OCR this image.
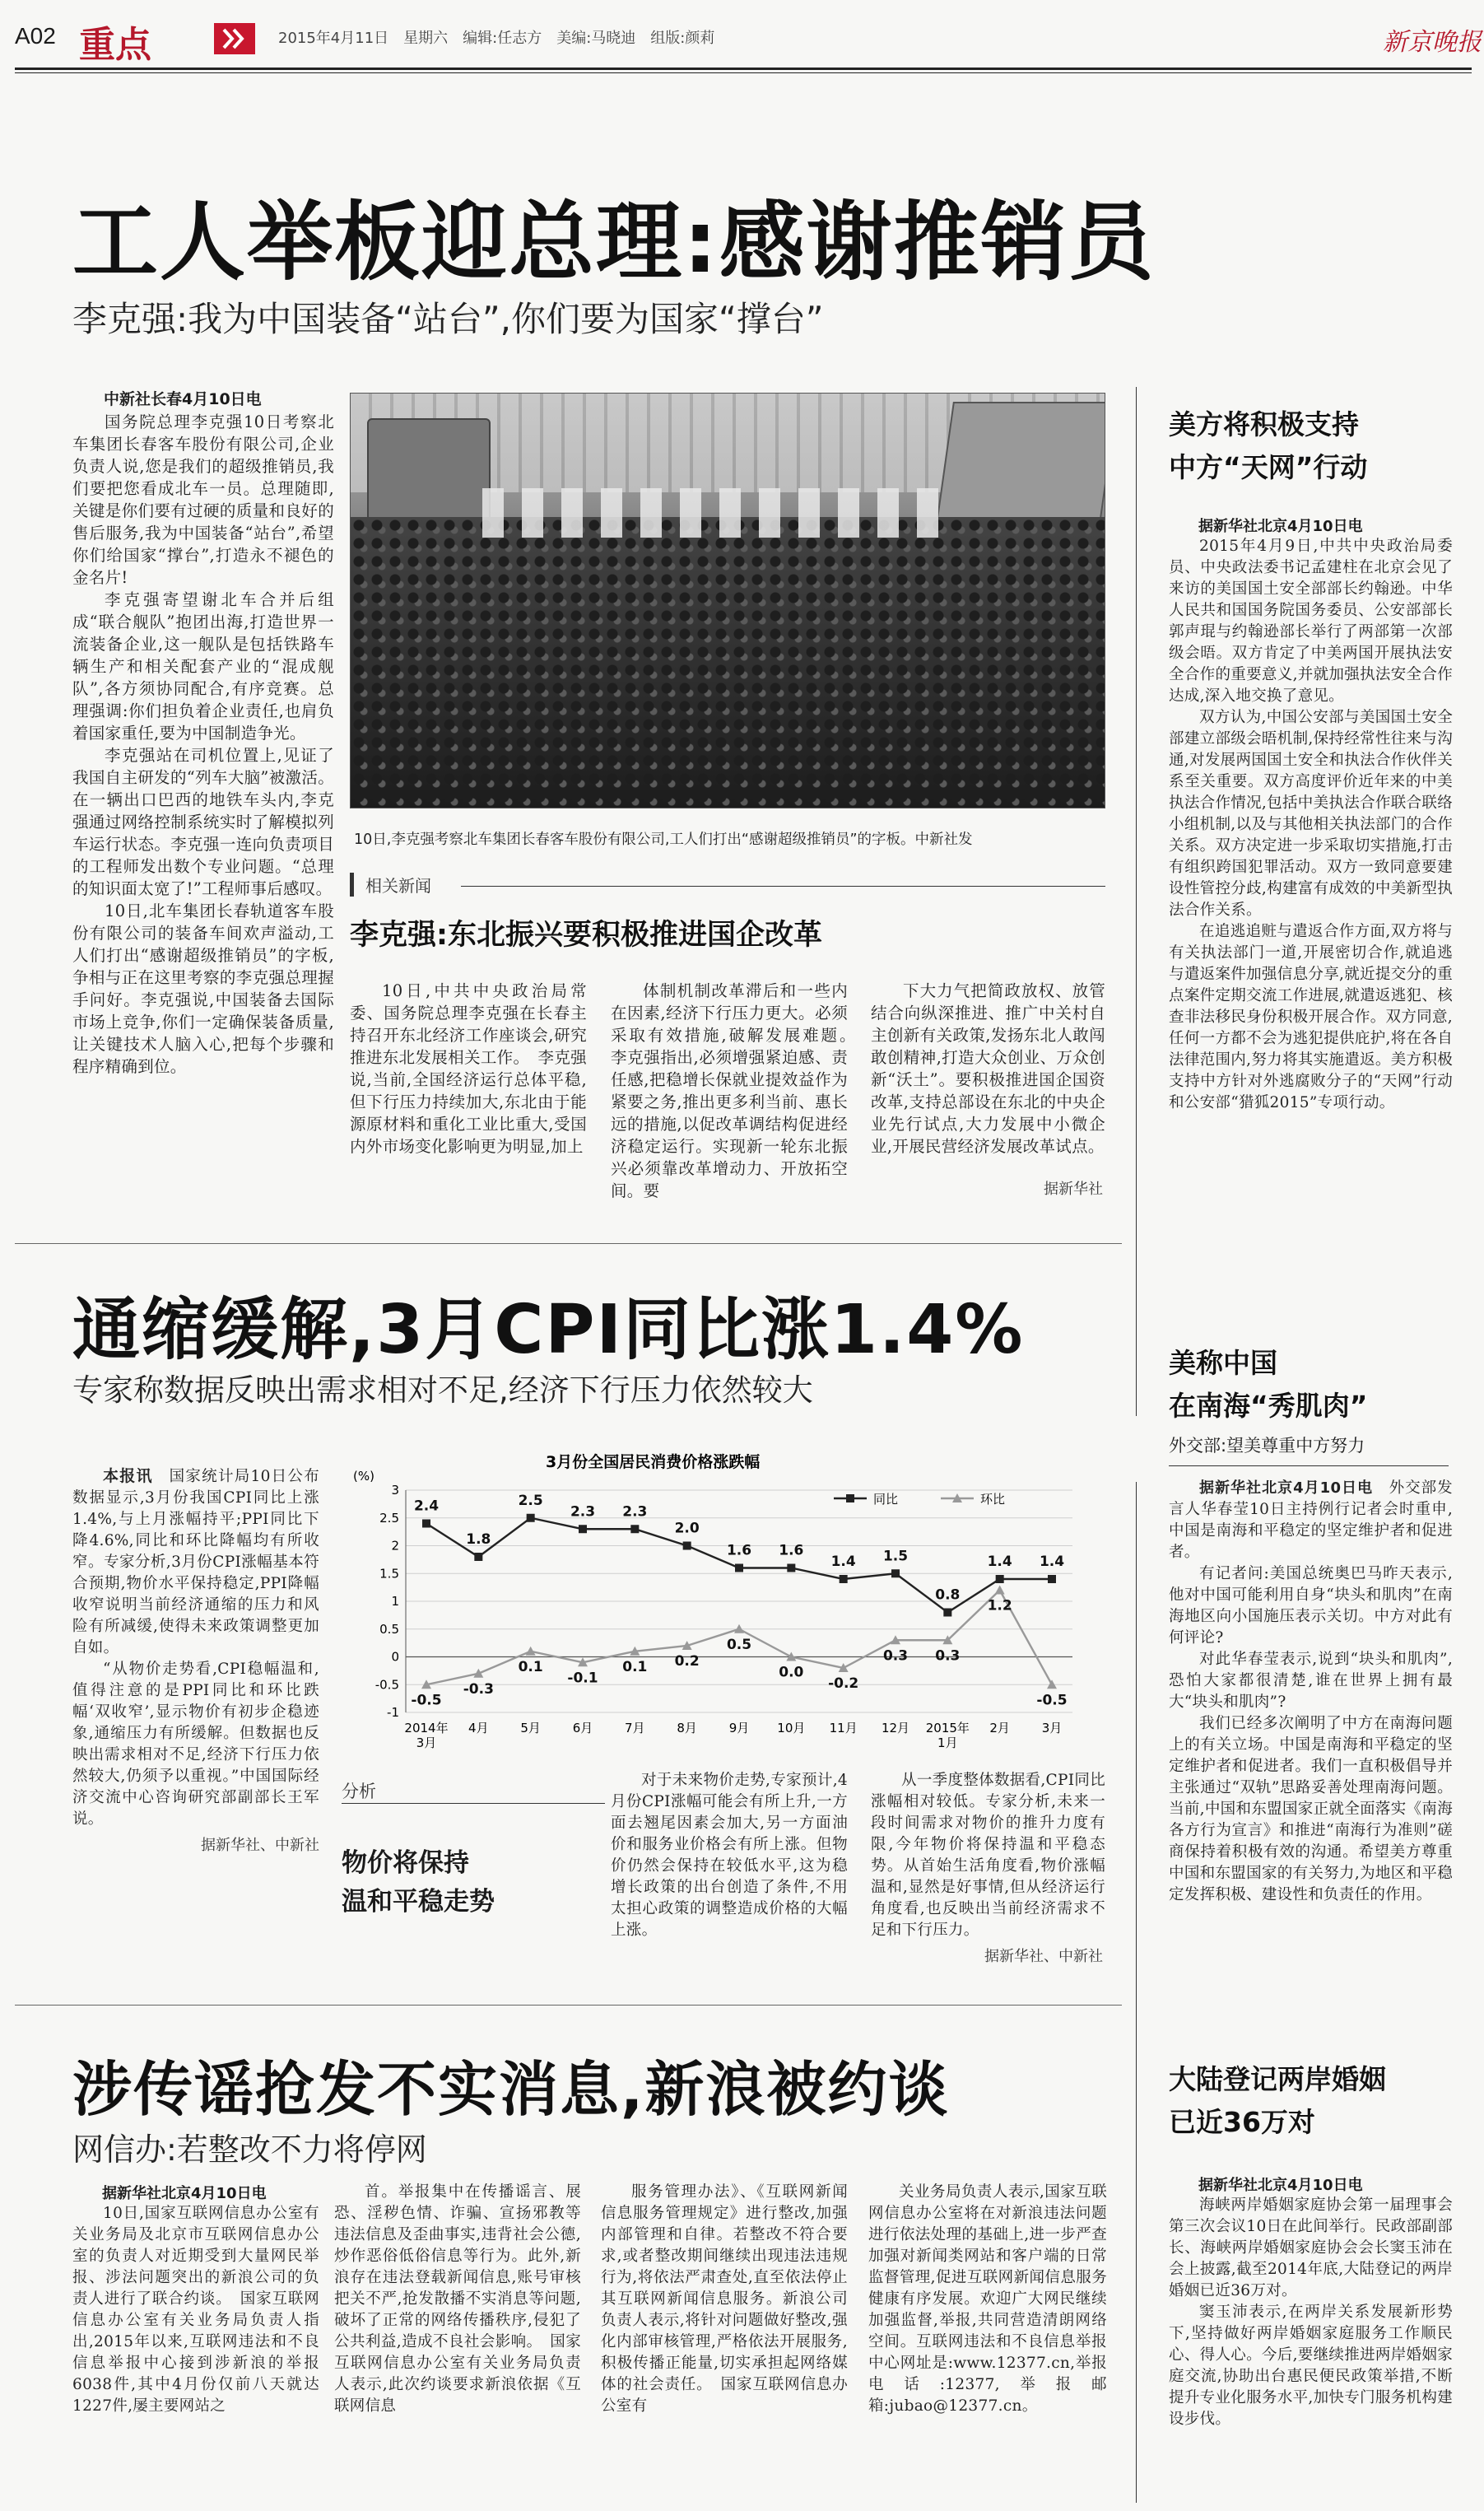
A02 重点	2015年4月11日　星期六　编辑:任志方　美编:马晓迪　组版:颜莉	新京晚报
工人举板迎总理:感谢推销员
李克强:我为中国装备“站台”,你们要为国家“撑台”
中新社长春4月10日电

国务院总理李克强10日考察北车集团长春客车股份有限公司,企业负责人说,您是我们的超级推销员,我们要把您看成北车一员。总理随即,关键是你们要有过硬的质量和良好的售后服务,我为中国装备“站台”,希望你们给国家“撑台”,打造永不褪色的金名片!

李克强寄望谢北车合并后组成“联合舰队”抱团出海,打造世界一流装备企业,这一舰队是包括铁路车辆生产和相关配套产业的“混成舰队”,各方须协同配合,有序竞赛。总理强调:你们担负着企业责任,也肩负着国家重任,要为中国制造争光。

李克强站在司机位置上,见证了我国自主研发的“列车大脑”被激活。在一辆出口巴西的地铁车头内,李克强通过网络控制系统实时了解模拟列车运行状态。李克强一连向负责项目的工程师发出数个专业问题。“总理的知识面太宽了!”工程师事后感叹。

10日,北车集团长春轨道客车股份有限公司的装备车间欢声溢动,工人们打出“感谢超级推销员”的字板,争相与正在这里考察的李克强总理握手问好。李克强说,中国装备去国际市场上竞争,你们一定确保装备质量,让关键技术人脑入心,把每个步骤和程序精确到位。

10日,李克强考察北车集团长春客车股份有限公司,工人们打出“感谢超级推销员”的字板。中新社发
相关新闻
李克强:东北振兴要积极推进国企改革

10日,中共中央政治局常委、国务院总理李克强在长春主持召开东北经济工作座谈会,研究推进东北发展相关工作。　李克强说,当前,全国经济运行总体平稳,但下行压力持续加大,东北由于能源原材料和重化工业比重大,受国内外市场变化影响更为明显,加上

体制机制改革滞后和一些内在因素,经济下行压力更大。必须采取有效措施,破解发展难题。　李克强指出,必须增强紧迫感、责任感,把稳增长保就业提效益作为紧要之务,推出更多利当前、惠长远的措施,以促改革调结构促进经济稳定运行。实现新一轮东北振兴必须靠改革增动力、开放拓空间。要

下大力气把简政放权、放管结合向纵深推进、推广中关村自主创新有关政策,发扬东北人敢闯敢创精神,打造大众创业、万众创新“沃土”。要积极推进国企国资改革,支持总部设在东北的中央企业先行试点,大力发展中小微企业,开展民营经济发展改革试点。

据新华社
美方将积极支持
中方“天网”行动
据新华社北京4月10日电

2015年4月9日,中共中央政治局委员、中央政法委书记孟建柱在北京会见了来访的美国国土安全部部长约翰逊。中华人民共和国国务院国务委员、公安部部长郭声琨与约翰逊部长举行了两部第一次部级会晤。双方肯定了中美两国开展执法安全合作的重要意义,并就加强执法安全合作达成,深入地交换了意见。

双方认为,中国公安部与美国国土安全部建立部级会晤机制,保持经常性往来与沟通,对发展两国国土安全和执法合作伙伴关系至关重要。双方高度评价近年来的中美执法合作情况,包括中美执法合作联合联络小组机制,以及与其他相关执法部门的合作关系。双方决定进一步采取切实措施,打击有组织跨国犯罪活动。双方一致同意要建设性管控分歧,构建富有成效的中美新型执法合作关系。

在追逃追赃与遣返合作方面,双方将与有关执法部门一道,开展密切合作,就追逃与遣返案件加强信息分享,就近提交分的重点案件定期交流工作进展,就遣返逃犯、核查非法移民身份积极开展合作。双方同意,任何一方都不会为逃犯提供庇护,将在各自法律范围内,努力将其实施遣返。美方积极支持中方针对外逃腐败分子的“天网”行动和公安部“猎狐2015”专项行动。

通缩缓解,3月CPI同比涨1.4%
专家称数据反映出需求相对不足,经济下行压力依然较大

本报讯　 国家统计局10日公布数据显示,3月份我国CPI同比上涨1.4%,与上月涨幅持平;PPI同比下降4.6%,同比和环比降幅均有所收窄。专家分析,3月份CPI涨幅基本符合预期,物价水平保持稳定,PPI降幅收窄说明当前经济通缩的压力和风险有所减缓,使得未来政策调整更加自如。

“从物价走势看,CPI稳幅温和,值得注意的是PPI同比和环比跌幅‘双收窄’,显示物价有初步企稳迹象,通缩压力有所缓解。但数据也反映出需求相对不足,经济下行压力依然较大,仍须予以重视。”中国国际经济交流中心咨询研究部副部长王军说。

据新华社、中新社
3月份全国居民消费价格涨跌幅
(%)
3
2.5
2
1.5
1
0.5
0
-0.5
-1
2014年
3月
4月	5月	6月	7月	8月	9月 10月 11月 12月 2015年
1月
2月	3月
2.4
1.8
2.5
2.3 2.3
2.0
1.6 1.6
1.4 1.5
0.8
1.4 1.4
-0.5
-0.3
0.1
-0.1
0.1 0.2
0.5
0.0
-0.2
0.3 0.3
1.2
-0.5
同比	环比
分析
物价将保持
温和平稳走势

对于未来物价走势,专家预计,4月份CPI涨幅可能会有所上升,一方面去翘尾因素会加大,另一方面油价和服务业价格会有所上涨。但物价仍然会保持在较低水平,这为稳增长政策的出台创造了条件,不用太担心政策的调整造成价格的大幅上涨。

从一季度整体数据看,CPI同比涨幅相对较低。专家分析,未来一段时间需求对物价的推升力度有限,今年物价将保持温和平稳态势。从首始生活角度看,物价涨幅温和,显然是好事情,但从经济运行角度看,也反映出当前经济需求不足和下行压力。

据新华社、中新社
美称中国
在南海“秀肌肉”
外交部:望美尊重中方努力

据新华社北京4月10日电　 外交部发言人华春莹10日主持例行记者会时重申,中国是南海和平稳定的坚定维护者和促进者。

有记者问:美国总统奥巴马昨天表示,他对中国可能利用自身“块头和肌肉”在南海地区向小国施压表示关切。中方对此有何评论?

对此华春莹表示,说到“块头和肌肉”,恐怕大家都很清楚,谁在世界上拥有最大“块头和肌肉”?

我们已经多次阐明了中方在南海问题上的有关立场。中国是南海和平稳定的坚定维护者和促进者。我们一直积极倡导并主张通过“双轨”思路妥善处理南海问题。当前,中国和东盟国家正就全面落实《南海各方行为宣言》和推进“南海行为准则”磋商保持着积极有效的沟通。希望美方尊重中国和东盟国家的有关努力,为地区和平稳定发挥积极、建设性和负责任的作用。

涉传谣抢发不实消息,新浪被约谈
网信办:若整改不力将停网
据新华社北京4月10日电

10日,国家互联网信息办公室有关业务局及北京市互联网信息办公室的负责人对近期受到大量网民举报、涉法问题突出的新浪公司的负责人进行了联合约谈。　国家互联网信息办公室有关业务局负责人指出,2015年以来,互联网违法和不良信息举报中心接到涉新浪的举报6038件,其中4月份仅前八天就达1227件,屡主要网站之

首。举报集中在传播谣言、展恐、淫秽色情、诈骗、宣扬邪教等违法信息及歪曲事实,违背社会公德,炒作恶俗低俗信息等行为。此外,新浪存在违法登载新闻信息,账号审核把关不严,抢发散播不实消息等问题,破坏了正常的网络传播秩序,侵犯了公共利益,造成不良社会影响。　国家互联网信息办公室有关业务局负责人表示,此次约谈要求新浪依据《互联网信息

服务管理办法》、《互联网新闻信息服务管理规定》进行整改,加强内部管理和自律。若整改不符合要求,或者整改期间继续出现违法违规行为,将依法严肃查处,直至依法停止其互联网新闻信息服务。新浪公司负责人表示,将针对问题做好整改,强化内部审核管理,严格依法开展服务,积极传播正能量,切实承担起网络媒体的社会责任。　国家互联网信息办公室有

关业务局负责人表示,国家互联网信息办公室将在对新浪违法问题进行依法处理的基础上,进一步严查加强对新闻类网站和客户端的日常监督管理,促进互联网新闻信息服务健康有序发展。欢迎广大网民继续加强监督,举报,共同营造清朗网络空间。互联网违法和不良信息举报中心网址是:www.12377.cn,举报电话:12377,举报邮箱:jubao@12377.cn。

大陆登记两岸婚姻
已近36万对
据新华社北京4月10日电

海峡两岸婚姻家庭协会第一届理事会第三次会议10日在此间举行。民政部副部长、海峡两岸婚姻家庭协会会长窦玉沛在会上披露,截至2014年底,大陆登记的两岸婚姻已近36万对。

窦玉沛表示,在两岸关系发展新形势下,坚持做好两岸婚姻家庭服务工作顺民心、得人心。今后,要继续推进两岸婚姻家庭交流,协助出台惠民便民政策举措,不断提升专业化服务水平,加快专门服务机构建设步伐。
